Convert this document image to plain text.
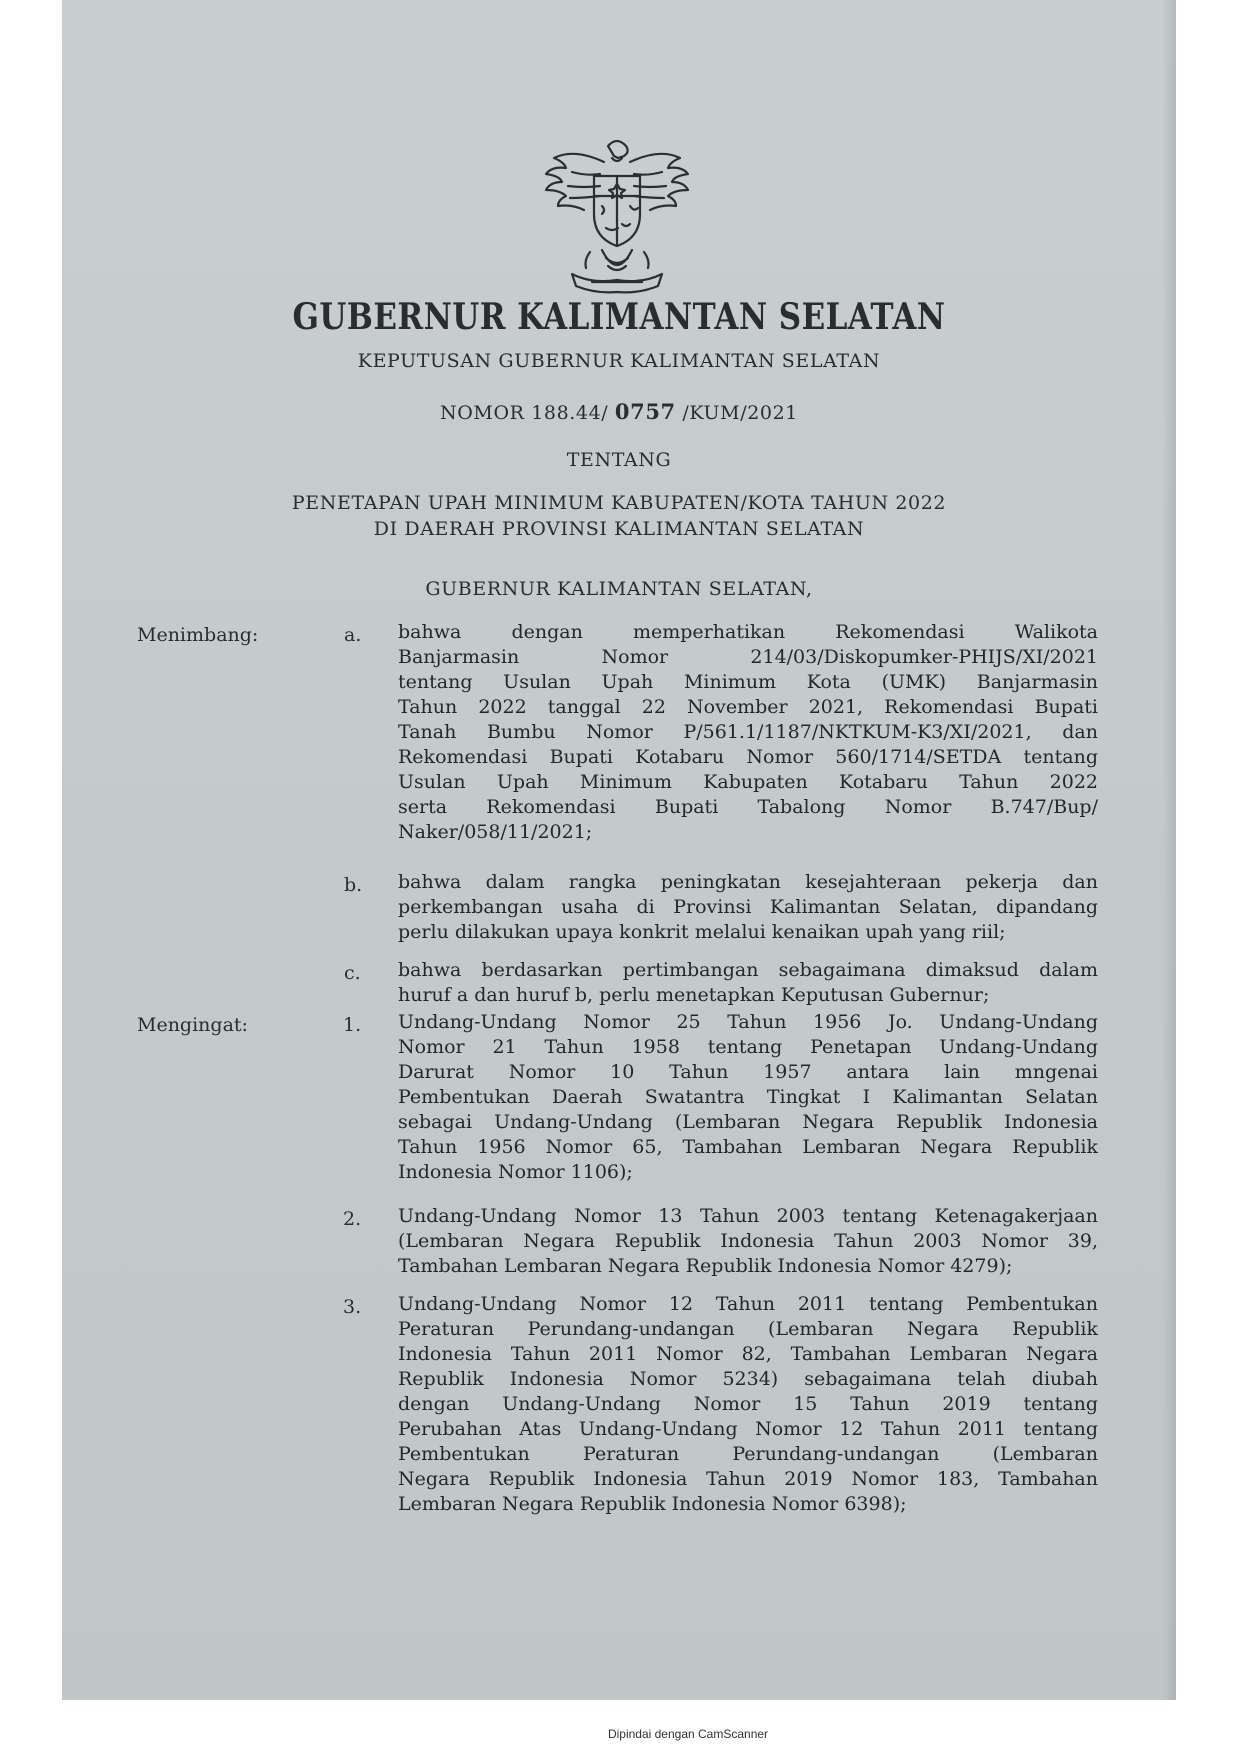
GUBERNUR KALIMANTAN SELATAN
KEPUTUSAN GUBERNUR KALIMANTAN SELATAN
NOMOR 188.44/ 0757 /KUM/2021
TENTANG
PENETAPAN UPAH MINIMUM KABUPATEN/KOTA TAHUN 2022
DI DAERAH PROVINSI KALIMANTAN SELATAN
GUBERNUR KALIMANTAN SELATAN,
Menimbang:	a. bahwa dengan memperhatikan Rekomendasi Walikota
Banjarmasin Nomor 214/03/Diskopumker-PHIJS/XI/2021
tentang Usulan Upah Minimum Kota (UMK) Banjarmasin
Tahun 2022 tanggal 22 November 2021, Rekomendasi Bupati
Tanah Bumbu Nomor P/561.1/1187/NKTKUM-K3/XI/2021, dan
Rekomendasi Bupati Kotabaru Nomor 560/1714/SETDA tentang
Usulan Upah Minimum Kabupaten Kotabaru Tahun 2022
serta Rekomendasi Bupati Tabalong Nomor B.747/Bup/
Naker/058/11/2021;
b. bahwa dalam rangka peningkatan kesejahteraan pekerja dan
perkembangan usaha di Provinsi Kalimantan Selatan, dipandang
perlu dilakukan upaya konkrit melalui kenaikan upah yang riil;
c. bahwa berdasarkan pertimbangan sebagaimana dimaksud dalam
huruf a dan huruf b, perlu menetapkan Keputusan Gubernur;
Mengingat:	1. Undang-Undang Nomor 25 Tahun 1956 Jo. Undang-Undang
Nomor 21 Tahun 1958 tentang Penetapan Undang-Undang
Darurat Nomor 10 Tahun 1957 antara lain mngenai
Pembentukan Daerah Swatantra Tingkat I Kalimantan Selatan
sebagai Undang-Undang (Lembaran Negara Republik Indonesia
Tahun 1956 Nomor 65, Tambahan Lembaran Negara Republik
Indonesia Nomor 1106);
2. Undang-Undang Nomor 13 Tahun 2003 tentang Ketenagakerjaan
(Lembaran Negara Republik Indonesia Tahun 2003 Nomor 39,
Tambahan Lembaran Negara Republik Indonesia Nomor 4279);
3. Undang-Undang Nomor 12 Tahun 2011 tentang Pembentukan
Peraturan Perundang-undangan (Lembaran Negara Republik
Indonesia Tahun 2011 Nomor 82, Tambahan Lembaran Negara
Republik Indonesia Nomor 5234) sebagaimana telah diubah
dengan Undang-Undang Nomor 15 Tahun 2019 tentang
Perubahan Atas Undang-Undang Nomor 12 Tahun 2011 tentang
Pembentukan Peraturan Perundang-undangan (Lembaran
Negara Republik Indonesia Tahun 2019 Nomor 183, Tambahan
Lembaran Negara Republik Indonesia Nomor 6398);
Dipindai dengan CamScanner
